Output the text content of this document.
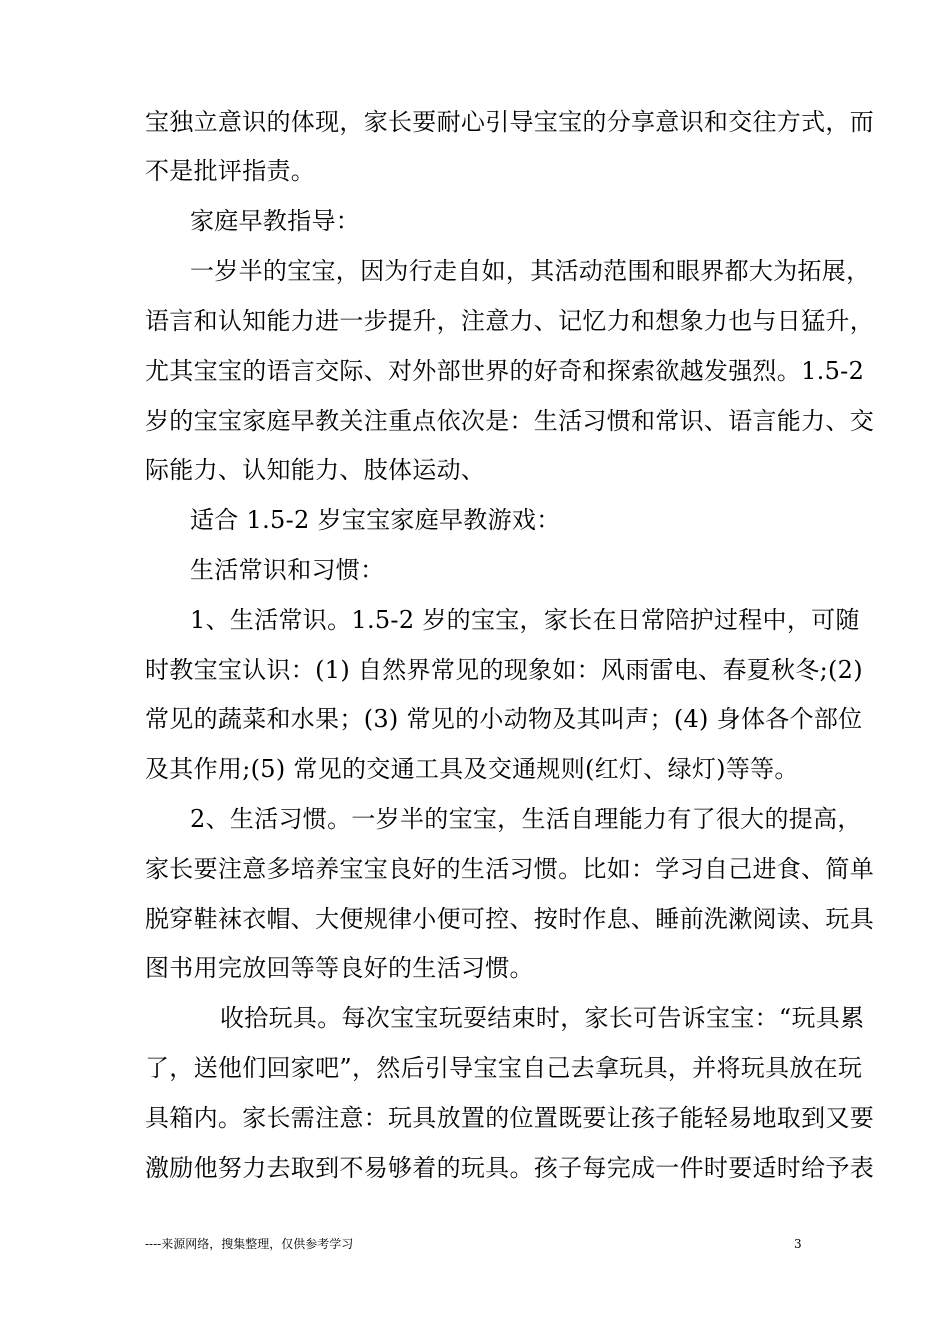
宝独立意识的体现，家长要耐心引导宝宝的分享意识和交往方式，而
不是批评指责。
家庭早教指导：
一岁半的宝宝，因为行走自如，其活动范围和眼界都大为拓展，
语言和认知能力进一步提升，注意力、记忆力和想象力也与日猛升，
尤其宝宝的语言交际、对外部世界的好奇和探索欲越发强烈。1.5-2
岁的宝宝家庭早教关注重点依次是：生活习惯和常识、语言能力、交
际能力、认知能力、肢体运动、
适合 1.5-2 岁宝宝家庭早教游戏：
生活常识和习惯：
1、生活常识。1.5-2 岁的宝宝，家长在日常陪护过程中，可随
时教宝宝认识：(1) 自然界常见的现象如：风雨雷电、春夏秋冬;(2)
常见的蔬菜和水果；(3) 常见的小动物及其叫声；(4) 身体各个部位
及其作用;(5) 常见的交通工具及交通规则(红灯、绿灯)等等。
2、生活习惯。一岁半的宝宝，生活自理能力有了很大的提高，
家长要注意多培养宝宝良好的生活习惯。比如：学习自己进食、简单
脱穿鞋袜衣帽、大便规律小便可控、按时作息、睡前洗漱阅读、玩具
图书用完放回等等良好的生活习惯。
收拾玩具。每次宝宝玩耍结束时，家长可告诉宝宝：“玩具累
了，送他们回家吧”，然后引导宝宝自己去拿玩具，并将玩具放在玩
具箱内。家长需注意：玩具放置的位置既要让孩子能轻易地取到又要
激励他努力去取到不易够着的玩具。孩子每完成一件时要适时给予表
----来源网络，搜集整理，仅供参考学习	3
